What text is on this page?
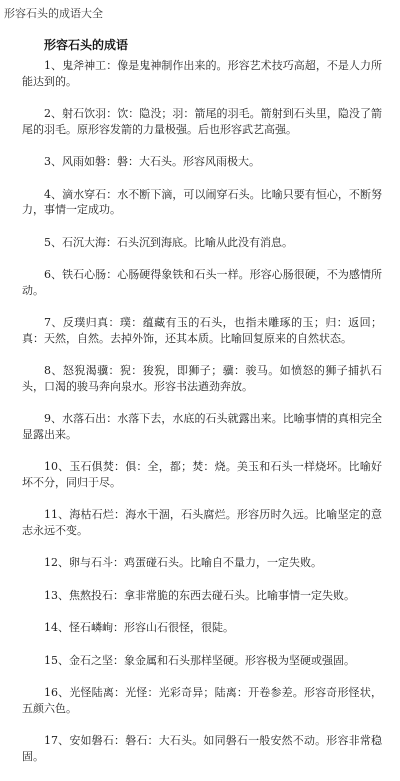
形容石头的成语大全
形容石头的成语

1、鬼斧神工：像是鬼神制作出来的。形容艺术技巧高超，不是人力所能达到的。

2、射石饮羽：饮：隐没；羽：箭尾的羽毛。箭射到石头里，隐没了箭尾的羽毛。原形容发箭的力量极强。后也形容武艺高强。

3、风雨如磐：磐：大石头。形容风雨极大。

4、滴水穿石：水不断下滴，可以闹穿石头。比喻只要有恒心，不断努力，事情一定成功。

5、石沉大海：石头沉到海底。比喻从此没有消息。

6、铁石心肠：心肠硬得象铁和石头一样。形容心肠很硬，不为感情所动。

7、反璞归真：璞：蕴藏有玉的石头，也指未雕琢的玉；归：返回；真：天然，自然。去掉外饰，还其本质。比喻回复原来的自然状态。

8、怒猊渴骥：猊：狻猊，即狮子；骥：骏马。如愤怒的狮子捕扒石头，口渴的骏马奔向泉水。形容书法遒劲奔放。

9、水落石出：水落下去，水底的石头就露出来。比喻事情的真相完全显露出来。

10、玉石俱焚：俱：全，都；焚：烧。美玉和石头一样烧坏。比喻好坏不分，同归于尽。

11、海枯石烂：海水干涸，石头腐烂。形容历时久远。比喻坚定的意志永远不变。

12、卵与石斗：鸡蛋碰石头。比喻自不量力，一定失败。

13、焦熬投石：拿非常脆的东西去碰石头。比喻事情一定失败。

14、怪石嶙峋：形容山石很怪，很陡。

15、金石之坚：象金属和石头那样坚硬。形容极为坚硬或强固。

16、光怪陆离：光怪：光彩奇异；陆离：开卷参差。形容奇形怪状，五颜六色。

17、安如磐石：磐石：大石头。如同磐石一般安然不动。形容非常稳固。
